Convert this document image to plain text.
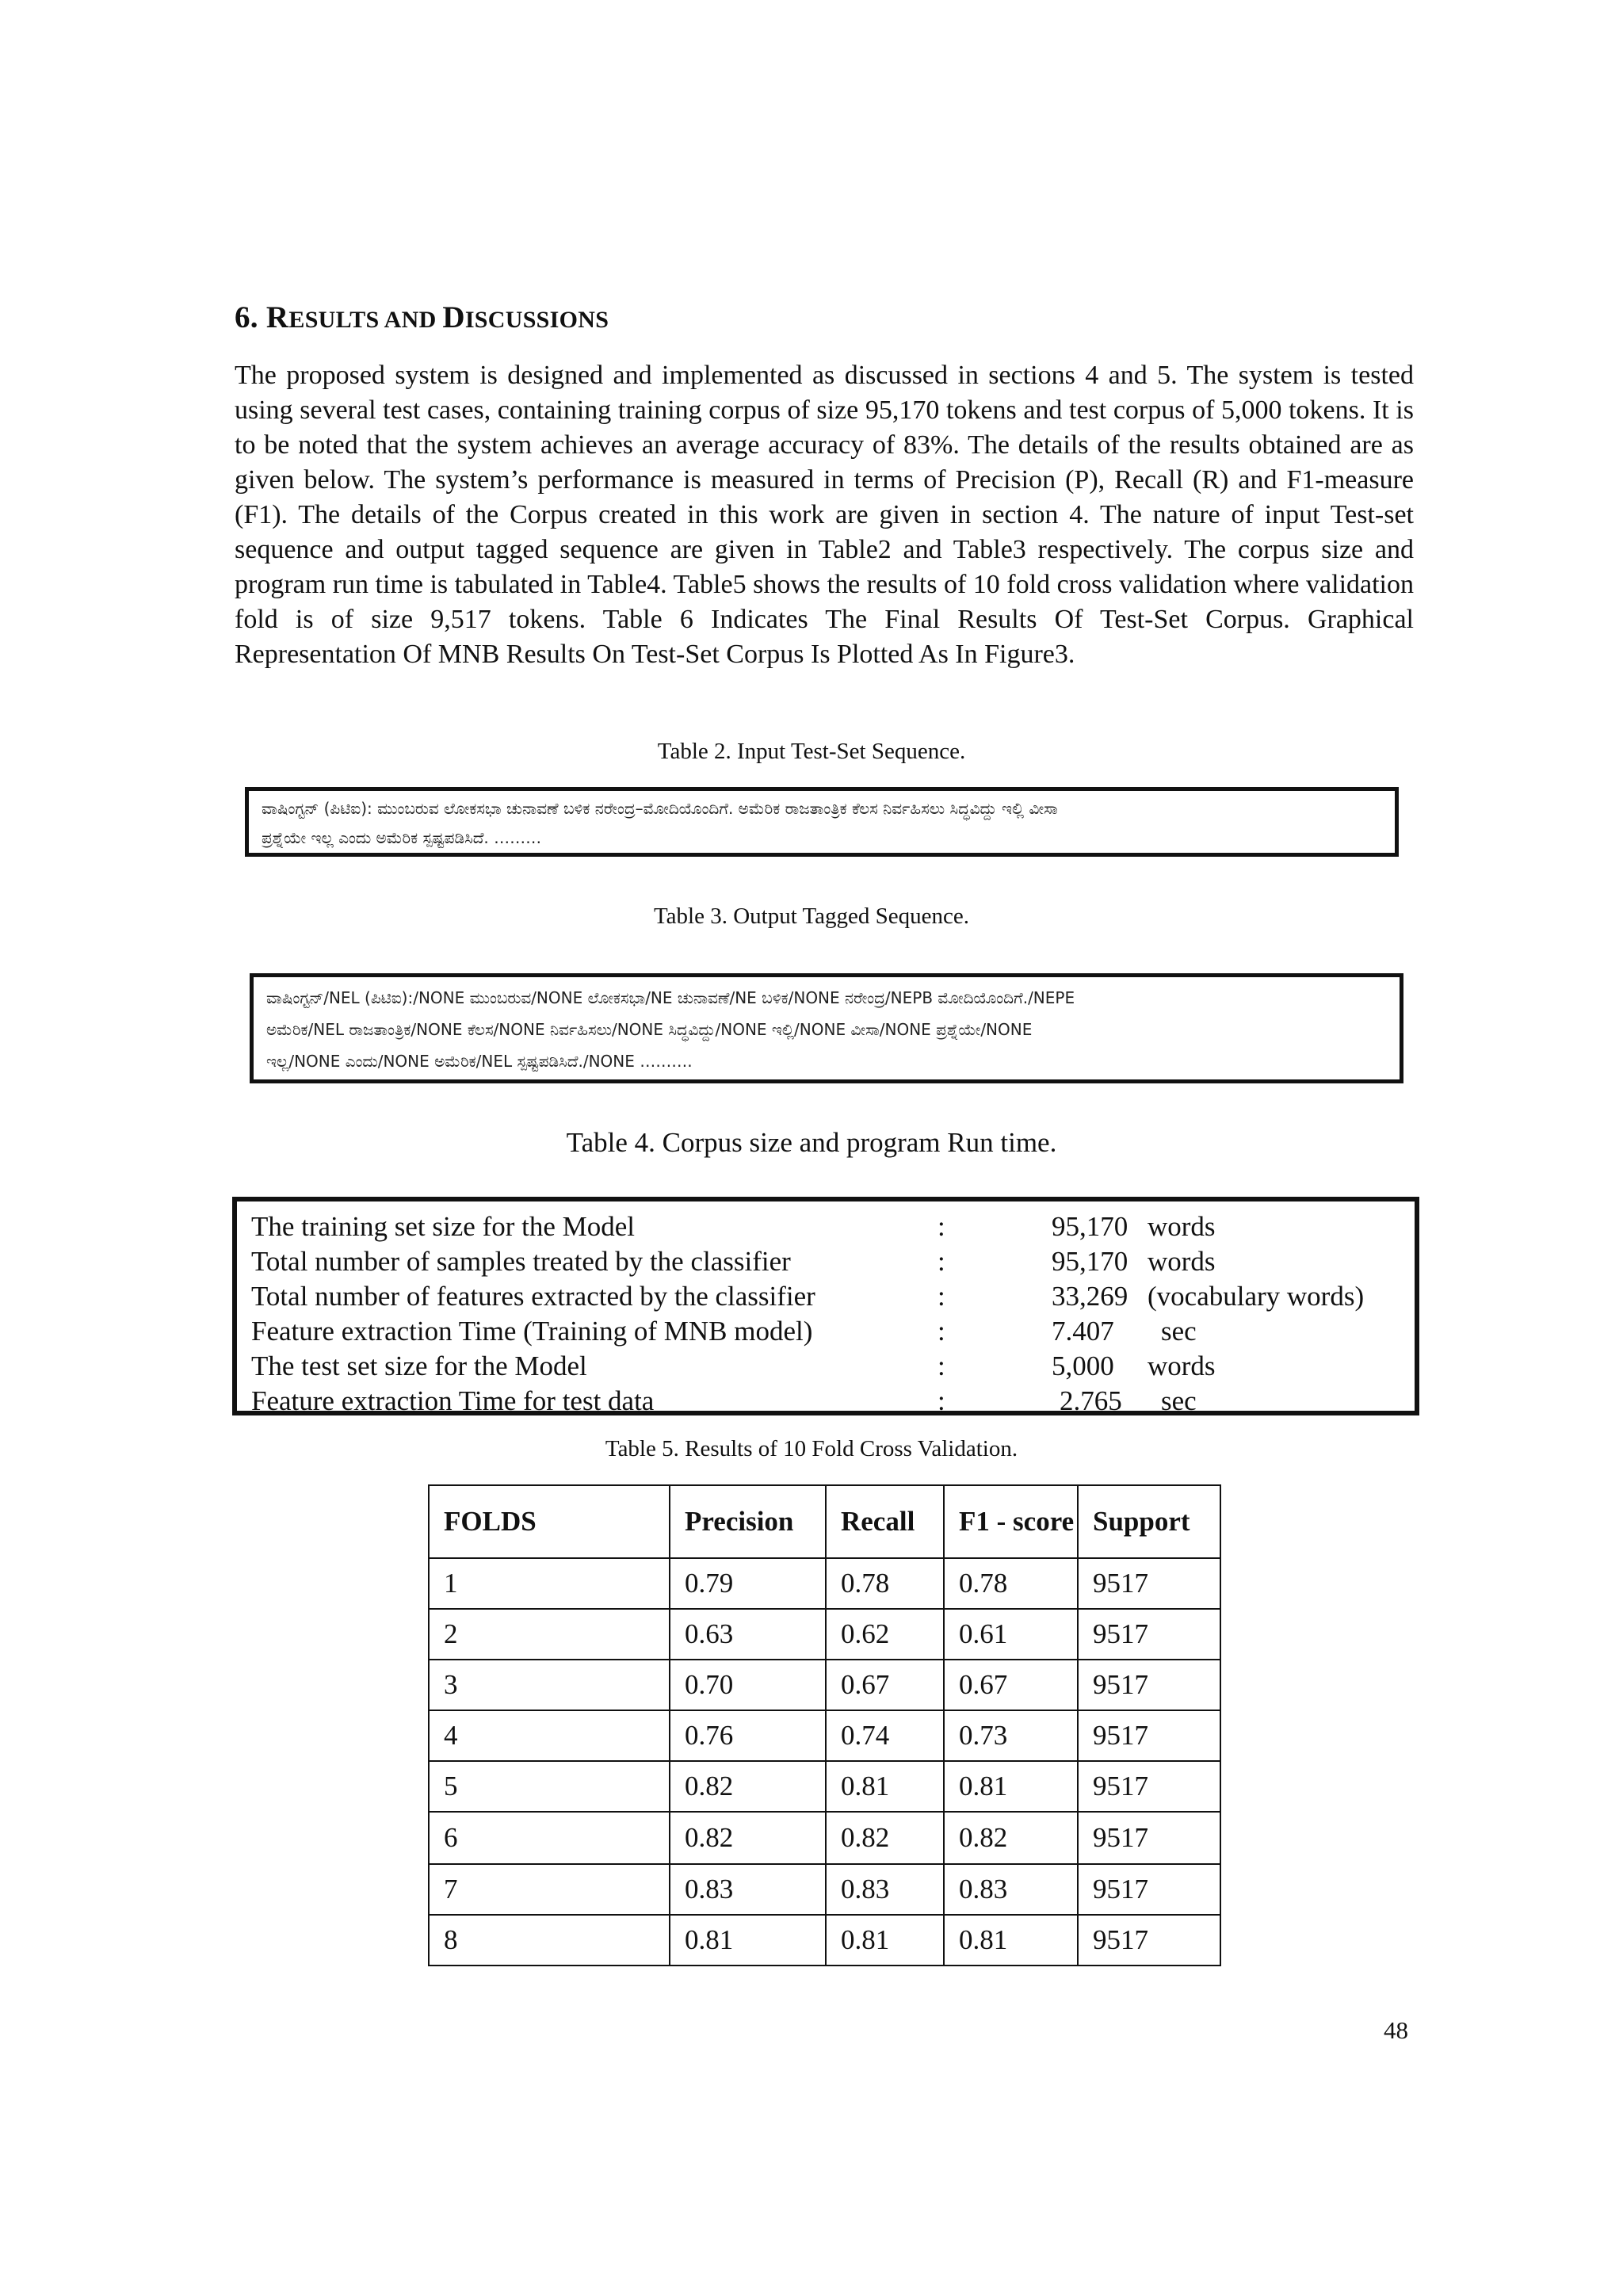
6. RESULTS AND DISCUSSIONS

The proposed system is designed and implemented as discussed in sections 4 and 5. The system is tested using several test cases, containing training corpus of size 95,170 tokens and test corpus of 5,000 tokens. It is to be noted that the system achieves an average accuracy of 83%. The details of the results obtained are as given below. The system’s performance is measured in terms of Precision (P), Recall (R) and F1-measure (F1). The details of the Corpus created in this work are given in section 4. The nature of input Test-set sequence and output tagged sequence are given in Table2 and Table3 respectively. The corpus size and program run time is tabulated in Table4. Table5 shows the results of 10 fold cross validation where validation fold is of size 9,517 tokens. Table 6 Indicates The Final Results Of Test-Set Corpus. Graphical Representation Of MNB Results On Test-Set Corpus Is Plotted As In Figure3.

Table 2. Input Test-Set Sequence.

ವಾಷಿಂಗ್ಟನ್ (ಪಿಟಿಐ): ಮುಂಬರುವ ಲೋಕಸಭಾ ಚುನಾವಣೆ ಬಳಿಕ ನರೇಂದ್ರ–ಮೋದಿಯೊಂದಿಗೆ. ಅಮೆರಿಕ ರಾಜತಾಂತ್ರಿಕ ಕೆಲಸ ನಿರ್ವಹಿಸಲು ಸಿದ್ಧವಿದ್ದು ಇಲ್ಲಿ ವೀಸಾ
ಪ್ರಶ್ನೆಯೇ ಇಲ್ಲ ಎಂದು ಅಮೆರಿಕ ಸ್ಪಷ್ಟಪಡಿಸಿದೆ. ………

Table 3. Output Tagged Sequence.

ವಾಷಿಂಗ್ಟನ್/NEL (ಪಿಟಿಐ):/NONE ಮುಂಬರುವ/NONE ಲೋಕಸಭಾ/NE ಚುನಾವಣೆ/NE ಬಳಿಕ/NONE ನರೇಂದ್ರ/NEPB ಮೋದಿಯೊಂದಿಗೆ./NEPE
ಅಮೆರಿಕ/NEL ರಾಜತಾಂತ್ರಿಕ/NONE ಕೆಲಸ/NONE ನಿರ್ವಹಿಸಲು/NONE ಸಿದ್ಧವಿದ್ದು/NONE ಇಲ್ಲಿ/NONE ವೀಸಾ/NONE ಪ್ರಶ್ನೆಯೇ/NONE
ಇಲ್ಲ/NONE ಎಂದು/NONE ಅಮೆರಿಕ/NEL ಸ್ಪಷ್ಟಪಡಿಸಿದೆ./NONE ……….

Table 4. Corpus size and program Run time.
The training set size for the Model	:	95,170 words
Total number of samples treated by the classifier	:	95,170 words
Total number of features extracted by the classifier	:	33,269 (vocabulary words)
Feature extraction Time (Training of MNB model)	:	7.407 sec
The test set size for the Model	:	5,000 words
Feature extraction Time for test data	:	2.765 sec
Table 5. Results of 10 Fold Cross Validation.
FOLDS	Precision	Recall	F1 - score	Support
1	0.79	0.78	0.78	9517
2	0.63	0.62	0.61	9517
3	0.70	0.67	0.67	9517
4	0.76	0.74	0.73	9517
5	0.82	0.81	0.81	9517
6	0.82	0.82	0.82	9517
7	0.83	0.83	0.83	9517
8	0.81	0.81	0.81	9517
48
